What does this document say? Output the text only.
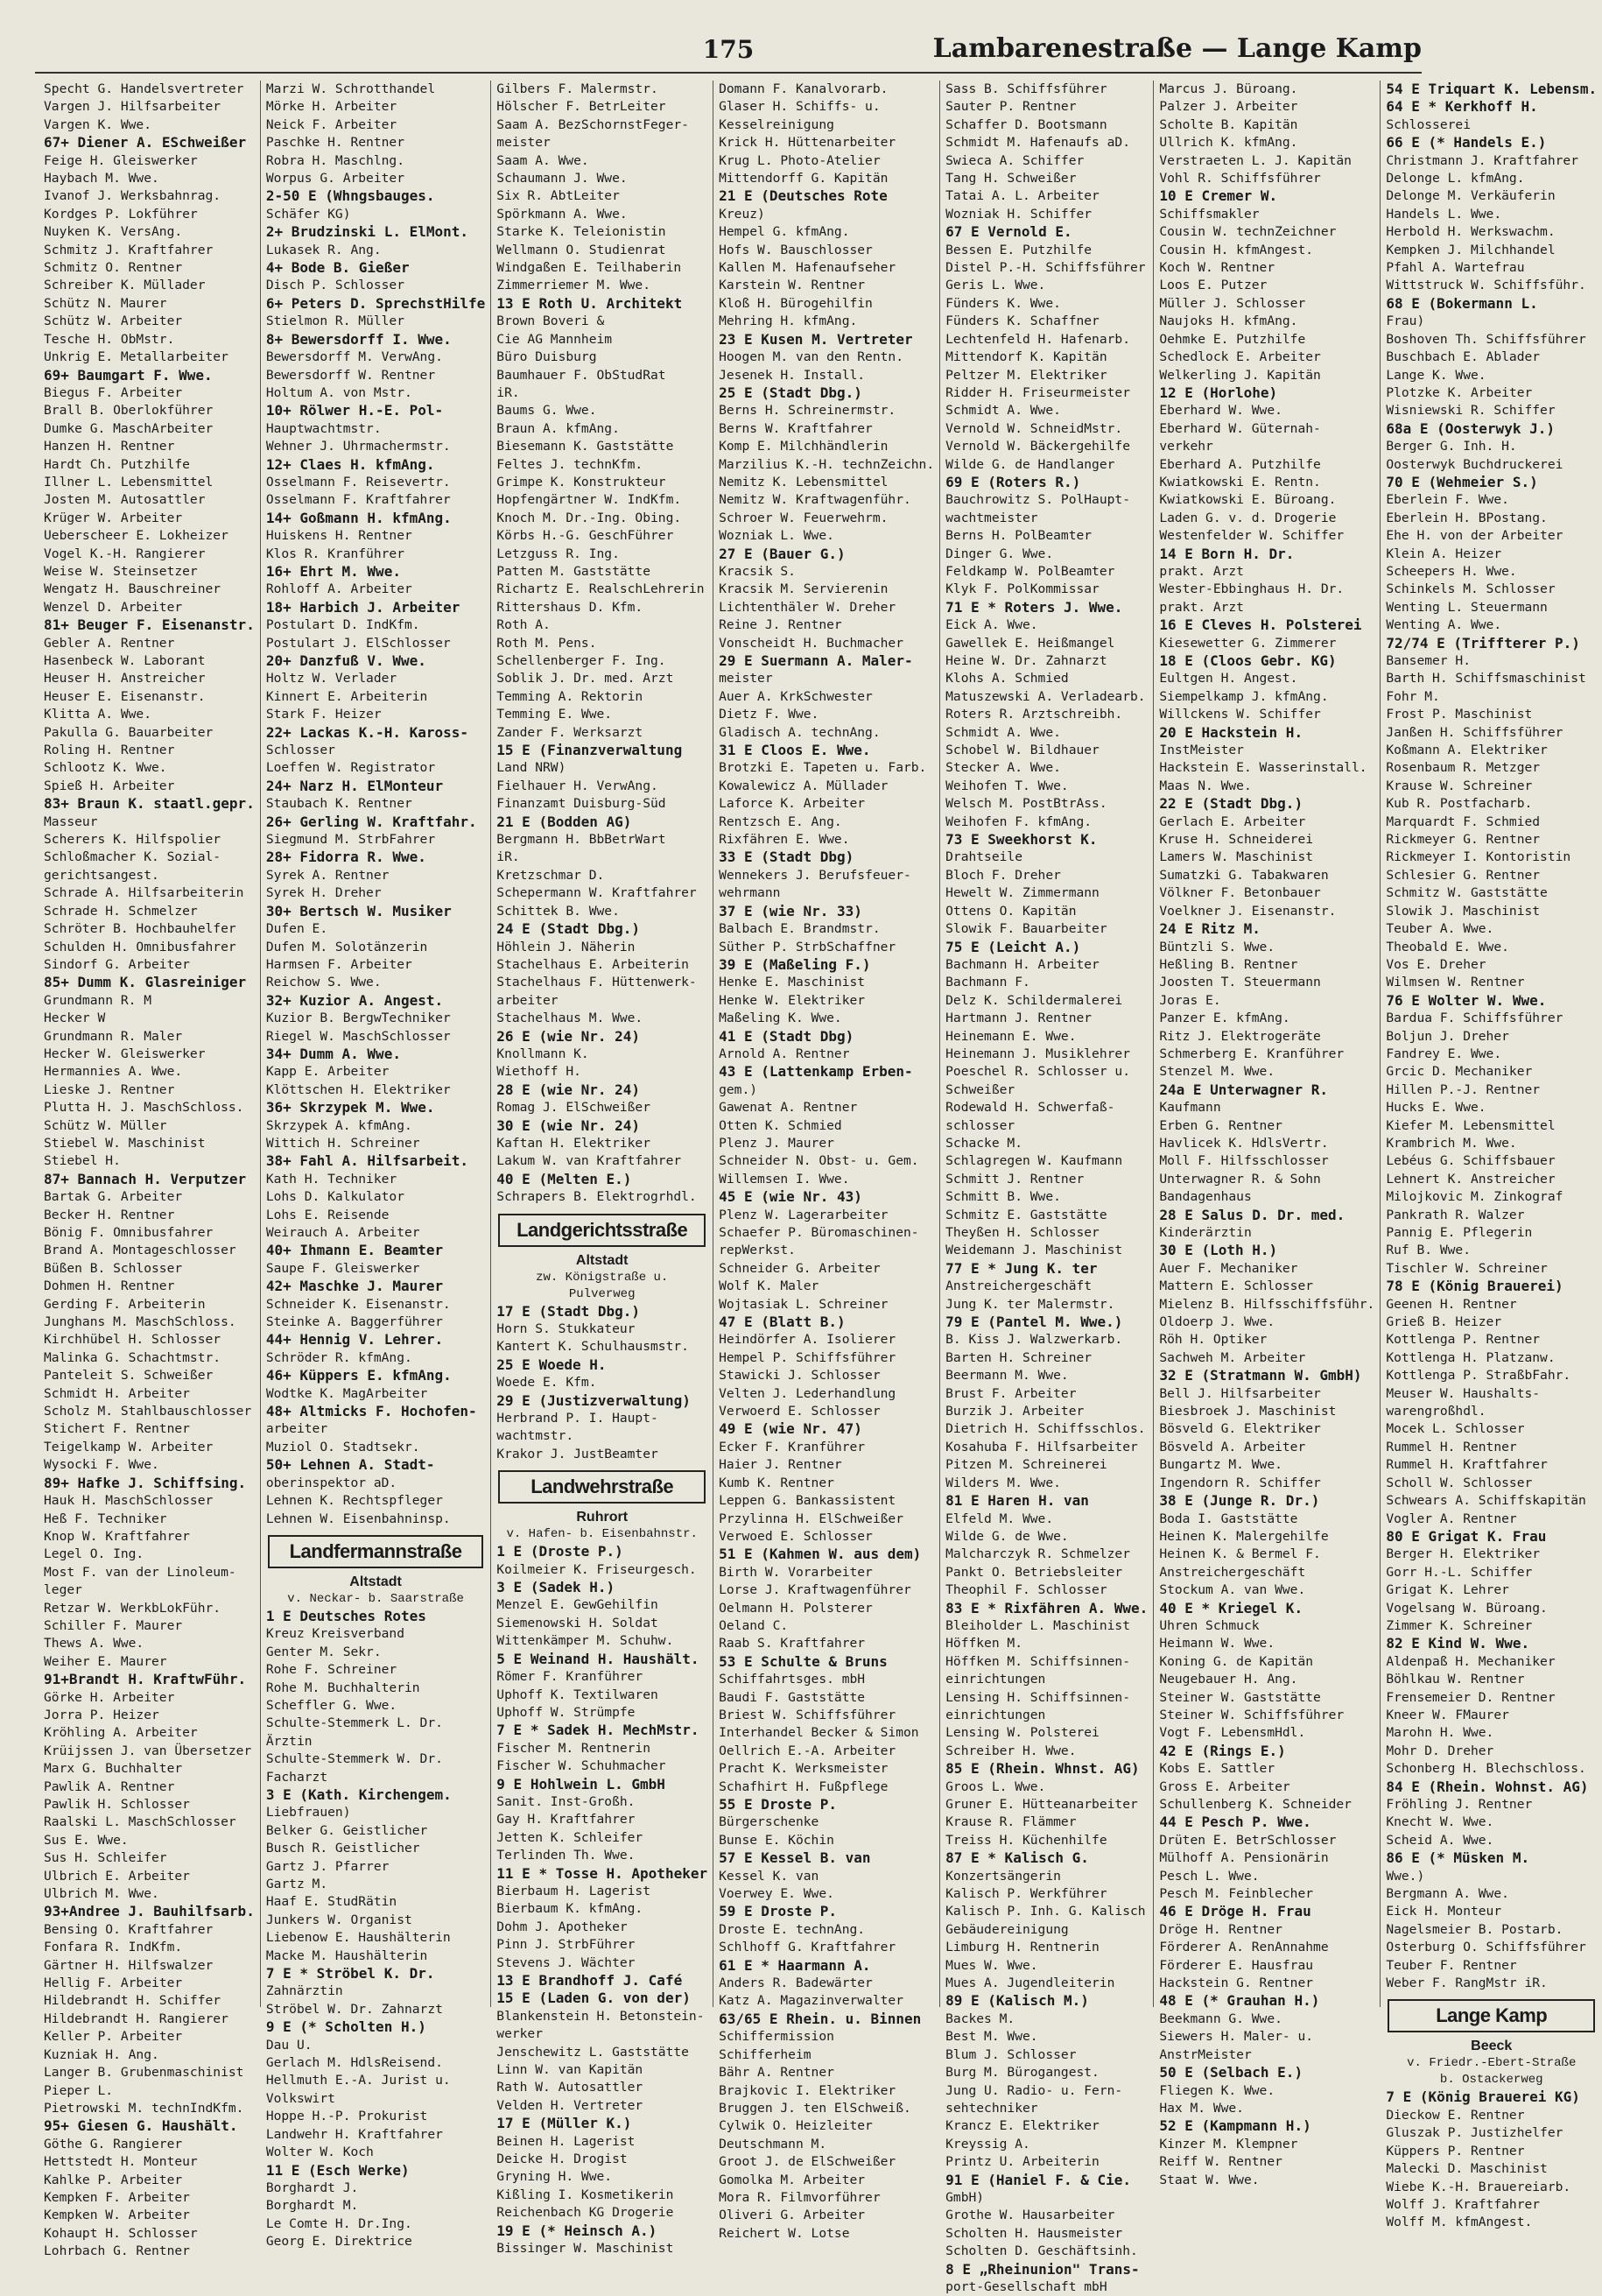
175	Lambarenestraße — Lange Kamp
Specht G. Handelsvertreter
Vargen J. Hilfsarbeiter
Vargen K. Wwe.
67+ Diener A. ESchweißer
Feige H. Gleiswerker
Haybach M. Wwe.
Ivanof J. Werksbahnrag.
Kordges P. Lokführer
Nuyken K. VersAng.
Schmitz J. Kraftfahrer
Schmitz O. Rentner
Schreiber K. Müllader
Schütz N. Maurer
Schütz W. Arbeiter
Tesche H. ObMstr.
Unkrig E. Metallarbeiter
69+ Baumgart F. Wwe.
Biegus F. Arbeiter
Brall B. Oberlokführer
Dumke G. MaschArbeiter
Hanzen H. Rentner
Hardt Ch. Putzhilfe
Illner L. Lebensmittel
Josten M. Autosattler
Krüger W. Arbeiter
Ueberscheer E. Lokheizer
Vogel K.-H. Rangierer
Weise W. Steinsetzer
Wengatz H. Bauschreiner
Wenzel D. Arbeiter
81+ Beuger F. Eisenanstr.
Gebler A. Rentner
Hasenbeck W. Laborant
Heuser H. Anstreicher
Heuser E. Eisenanstr.
Klitta A. Wwe.
Pakulla G. Bauarbeiter
Roling H. Rentner
Schlootz K. Wwe.
Spieß H. Arbeiter
83+ Braun K. staatl.gepr.
Masseur
Scherers K. Hilfspolier
Schloßmacher K. Sozial-
gerichtsangest.
Schrade A. Hilfsarbeiterin
Schrade H. Schmelzer
Schröter B. Hochbauhelfer
Schulden H. Omnibusfahrer
Sindorf G. Arbeiter
85+ Dumm K. Glasreiniger
Grundmann R. M
Hecker W
Grundmann R. Maler
Hecker W. Gleiswerker
Hermannies A. Wwe.
Lieske J. Rentner
Plutta H. J. MaschSchloss.
Schütz W. Müller
Stiebel W. Maschinist
Stiebel H.
87+ Bannach H. Verputzer
Bartak G. Arbeiter
Becker H. Rentner
Bönig F. Omnibusfahrer
Brand A. Montageschlosser
Büßen B. Schlosser
Dohmen H. Rentner
Gerding F. Arbeiterin
Junghans M. MaschSchloss.
Kirchhübel H. Schlosser
Malinka G. Schachtmstr.
Panteleit S. Schweißer
Schmidt H. Arbeiter
Scholz M. Stahlbauschlosser
Stichert F. Rentner
Teigelkamp W. Arbeiter
Wysocki F. Wwe.
89+ Hafke J. Schiffsing.
Hauk H. MaschSchlosser
Heß F. Techniker
Knop W. Kraftfahrer
Legel O. Ing.
Most F. van der Linoleum-
leger
Retzar W. WerkbLokFühr.
Schiller F. Maurer
Thews A. Wwe.
Weiher E. Maurer
91+Brandt H. KraftwFühr.
Görke H. Arbeiter
Jorra P. Heizer
Kröhling A. Arbeiter
Krüijssen J. van Übersetzer
Marx G. Buchhalter
Pawlik A. Rentner
Pawlik H. Schlosser
Raalski L. MaschSchlosser
Sus E. Wwe.
Sus H. Schleifer
Ulbrich E. Arbeiter
Ulbrich M. Wwe.
93+Andree J. Bauhilfsarb.
Bensing O. Kraftfahrer
Fonfara R. IndKfm.
Gärtner H. Hilfswalzer
Hellig F. Arbeiter
Hildebrandt H. Schiffer
Hildebrandt H. Rangierer
Keller P. Arbeiter
Kuzniak H. Ang.
Langer B. Grubenmaschinist
Pieper L.
Pietrowski M. technIndKfm.
95+ Giesen G. Haushält.
Göthe G. Rangierer
Hettstedt H. Monteur
Kahlke P. Arbeiter
Kempken F. Arbeiter
Kempken W. Arbeiter
Kohaupt H. Schlosser
Lohrbach G. Rentner
Marzi W. Schrotthandel
Mörke H. Arbeiter
Neick F. Arbeiter
Paschke H. Rentner
Robra H. Maschlng.
Worpus G. Arbeiter
2-50 E (Whngsbauges.
Schäfer KG)
2+ Brudzinski L. ElMont.
Lukasek R. Ang.
4+ Bode B. Gießer
Disch P. Schlosser
6+ Peters D. SprechstHilfe
Stielmon R. Müller
8+ Bewersdorff I. Wwe.
Bewersdorff M. VerwAng.
Bewersdorff W. Rentner
Holtum A. von Mstr.
10+ Rölwer H.-E. Pol-
Hauptwachtmstr.
Wehner J. Uhrmachermstr.
12+ Claes H. kfmAng.
Osselmann F. Reisevertr.
Osselmann F. Kraftfahrer
14+ Goßmann H. kfmAng.
Huiskens H. Rentner
Klos R. Kranführer
16+ Ehrt M. Wwe.
Rohloff A. Arbeiter
18+ Harbich J. Arbeiter
Postulart D. IndKfm.
Postulart J. ElSchlosser
20+ Danzfuß V. Wwe.
Holtz W. Verlader
Kinnert E. Arbeiterin
Stark F. Heizer
22+ Lackas K.-H. Kaross-
Schlosser
Loeffen W. Registrator
24+ Narz H. ElMonteur
Staubach K. Rentner
26+ Gerling W. Kraftfahr.
Siegmund M. StrbFahrer
28+ Fidorra R. Wwe.
Syrek A. Rentner
Syrek H. Dreher
30+ Bertsch W. Musiker
Dufen E.
Dufen M. Solotänzerin
Harmsen F. Arbeiter
Reichow S. Wwe.
32+ Kuzior A. Angest.
Kuzior B. BergwTechniker
Riegel W. MaschSchlosser
34+ Dumm A. Wwe.
Kapp E. Arbeiter
Klöttschen H. Elektriker
36+ Skrzypek M. Wwe.
Skrzypek A. kfmAng.
Wittich H. Schreiner
38+ Fahl A. Hilfsarbeit.
Kath H. Techniker
Lohs D. Kalkulator
Lohs E. Reisende
Weirauch A. Arbeiter
40+ Ihmann E. Beamter
Saupe F. Gleiswerker
42+ Maschke J. Maurer
Schneider K. Eisenanstr.
Steinke A. Baggerführer
44+ Hennig V. Lehrer.
Schröder R. kfmAng.
46+ Küppers E. kfmAng.
Wodtke K. MagArbeiter
48+ Altmicks F. Hochofen-
arbeiter
Muziol O. Stadtsekr.
50+ Lehnen A. Stadt-
oberinspektor aD.
Lehnen K. Rechtspfleger
Lehnen W. Eisenbahninsp.
Landfermannstraße
Altstadt
v. Neckar- b. Saarstraße
1 E Deutsches Rotes
Kreuz Kreisverband
Genter M. Sekr.
Rohe F. Schreiner
Rohe M. Buchhalterin
Scheffler G. Wwe.
Schulte-Stemmerk L. Dr.
Ärztin
Schulte-Stemmerk W. Dr.
Facharzt
3 E (Kath. Kirchengem.
Liebfrauen)
Belker G. Geistlicher
Busch R. Geistlicher
Gartz J. Pfarrer
Gartz M.
Haaf E. StudRätin
Junkers W. Organist
Liebenow E. Haushälterin
Macke M. Haushälterin
7 E * Ströbel K. Dr.
Zahnärztin
Ströbel W. Dr. Zahnarzt
9 E (* Scholten H.)
Dau U.
Gerlach M. HdlsReisend.
Hellmuth E.-A. Jurist u.
Volkswirt
Hoppe H.-P. Prokurist
Landwehr H. Kraftfahrer
Wolter W. Koch
11 E (Esch Werke)
Borghardt J.
Borghardt M.
Le Comte H. Dr.Ing.
Georg E. Direktrice
Gilbers F. Malermstr.
Hölscher F. BetrLeiter
Saam A. BezSchornstFeger-
meister
Saam A. Wwe.
Schaumann J. Wwe.
Six R. AbtLeiter
Spörkmann A. Wwe.
Starke K. Teleionistin
Wellmann O. Studienrat
Windgaßen E. Teilhaberin
Zimmerriemer M. Wwe.
13 E Roth U. Architekt
Brown Boveri &
Cie AG Mannheim
Büro Duisburg
Baumhauer F. ObStudRat
iR.
Baums G. Wwe.
Braun A. kfmAng.
Biesemann K. Gaststätte
Feltes J. technKfm.
Grimpe K. Konstrukteur
Hopfengärtner W. IndKfm.
Knoch M. Dr.-Ing. Obing.
Körbs H.-G. GeschFührer
Letzguss R. Ing.
Patten M. Gaststätte
Richartz E. RealschLehrerin
Rittershaus D. Kfm.
Roth A.
Roth M. Pens.
Schellenberger F. Ing.
Soblik J. Dr. med. Arzt
Temming A. Rektorin
Temming E. Wwe.
Zander F. Werksarzt
15 E (Finanzverwaltung
Land NRW)
Fielhauer H. VerwAng.
Finanzamt Duisburg-Süd
21 E (Bodden AG)
Bergmann H. BbBetrWart
iR.
Kretzschmar D.
Schepermann W. Kraftfahrer
Schittek B. Wwe.
24 E (Stadt Dbg.)
Höhlein J. Näherin
Stachelhaus E. Arbeiterin
Stachelhaus F. Hüttenwerk-
arbeiter
Stachelhaus M. Wwe.
26 E (wie Nr. 24)
Knollmann K.
Wiethoff H.
28 E (wie Nr. 24)
Romag J. ElSchweißer
30 E (wie Nr. 24)
Kaftan H. Elektriker
Lakum W. van Kraftfahrer
40 E (Melten E.)
Schrapers B. Elektrogrhdl.
Landgerichtsstraße
Altstadt
zw. Königstraße u.
Pulverweg
17 E (Stadt Dbg.)
Horn S. Stukkateur
Kantert K. Schulhausmstr.
25 E Woede H.
Woede E. Kfm.
29 E (Justizverwaltung)
Herbrand P. I. Haupt-
wachtmstr.
Krakor J. JustBeamter
Landwehrstraße
Ruhrort
v. Hafen- b. Eisenbahnstr.
1 E (Droste P.)
Koilmeier K. Friseurgesch.
3 E (Sadek H.)
Menzel E. GewGehilfin
Siemenowski H. Soldat
Wittenkämper M. Schuhw.
5 E Weinand H. Haushält.
Römer F. Kranführer
Uphoff K. Textilwaren
Uphoff W. Strümpfe
7 E * Sadek H. MechMstr.
Fischer M. Rentnerin
Fischer W. Schuhmacher
9 E Hohlwein L. GmbH
Sanit. Inst-Großh.
Gay H. Kraftfahrer
Jetten K. Schleifer
Terlinden Th. Wwe.
11 E * Tosse H. Apotheker
Bierbaum H. Lagerist
Bierbaum K. kfmAng.
Dohm J. Apotheker
Pinn J. StrbFührer
Stevens J. Wächter
13 E Brandhoff J. Café
15 E (Laden G. von der)
Blankenstein H. Betonstein-
werker
Jenschewitz L. Gaststätte
Linn W. van Kapitän
Rath W. Autosattler
Velden H. Vertreter
17 E (Müller K.)
Beinen H. Lagerist
Deicke H. Drogist
Gryning H. Wwe.
Kißling I. Kosmetikerin
Reichenbach KG Drogerie
19 E (* Heinsch A.)
Bissinger W. Maschinist
Domann F. Kanalvorarb.
Glaser H. Schiffs- u.
Kesselreinigung
Krick H. Hüttenarbeiter
Krug L. Photo-Atelier
Mittendorff G. Kapitän
21 E (Deutsches Rote
Kreuz)
Hempel G. kfmAng.
Hofs W. Bauschlosser
Kallen M. Hafenaufseher
Karstein W. Rentner
Kloß H. Bürogehilfin
Mehring H. kfmAng.
23 E Kusen M. Vertreter
Hoogen M. van den Rentn.
Jesenek H. Install.
25 E (Stadt Dbg.)
Berns H. Schreinermstr.
Berns W. Kraftfahrer
Komp E. Milchhändlerin
Marzilius K.-H. technZeichn.
Nemitz K. Lebensmittel
Nemitz W. Kraftwagenführ.
Schroer W. Feuerwehrm.
Wozniak L. Wwe.
27 E (Bauer G.)
Kracsik S.
Kracsik M. Servierenin
Lichtenthäler W. Dreher
Reine J. Rentner
Vonscheidt H. Buchmacher
29 E Suermann A. Maler-
meister
Auer A. KrkSchwester
Dietz F. Wwe.
Gladisch A. technAng.
31 E Cloos E. Wwe.
Brotzki E. Tapeten u. Farb.
Kowalewicz A. Müllader
Laforce K. Arbeiter
Rentzsch E. Ang.
Rixfähren E. Wwe.
33 E (Stadt Dbg)
Wennekers J. Berufsfeuer-
wehrmann
37 E (wie Nr. 33)
Balbach E. Brandmstr.
Süther P. StrbSchaffner
39 E (Maßeling F.)
Henke E. Maschinist
Henke W. Elektriker
Maßeling K. Wwe.
41 E (Stadt Dbg)
Arnold A. Rentner
43 E (Lattenkamp Erben-
gem.)
Gawenat A. Rentner
Otten K. Schmied
Plenz J. Maurer
Schneider N. Obst- u. Gem.
Willemsen I. Wwe.
45 E (wie Nr. 43)
Plenz W. Lagerarbeiter
Schaefer P. Büromaschinen-
repWerkst.
Schneider G. Arbeiter
Wolf K. Maler
Wojtasiak L. Schreiner
47 E (Blatt B.)
Heindörfer A. Isolierer
Hempel P. Schiffsführer
Stawicki J. Schlosser
Velten J. Lederhandlung
Verwoerd E. Schlosser
49 E (wie Nr. 47)
Ecker F. Kranführer
Haier J. Rentner
Kumb K. Rentner
Leppen G. Bankassistent
Przylinna H. ElSchweißer
Verwoed E. Schlosser
51 E (Kahmen W. aus dem)
Birth W. Vorarbeiter
Lorse J. Kraftwagenführer
Oelmann H. Polsterer
Oeland C.
Raab S. Kraftfahrer
53 E Schulte & Bruns
Schiffahrtsges. mbH
Baudi F. Gaststätte
Briest W. Schiffsführer
Interhandel Becker & Simon
Oellrich E.-A. Arbeiter
Pracht K. Werksmeister
Schafhirt H. Fußpflege
55 E Droste P.
Bürgerschenke
Bunse E. Köchin
57 E Kessel B. van
Kessel K. van
Voerwey E. Wwe.
59 E Droste P.
Droste E. technAng.
Schlhoff G. Kraftfahrer
61 E * Haarmann A.
Anders R. Badewärter
Katz A. Magazinverwalter
63/65 E Rhein. u. Binnen
Schiffermission
Schifferheim
Bähr A. Rentner
Brajkovic I. Elektriker
Bruggen J. ten ElSchweiß.
Cylwik O. Heizleiter
Deutschmann M.
Groot J. de ElSchweißer
Gomolka M. Arbeiter
Mora R. Filmvorführer
Oliveri G. Arbeiter
Reichert W. Lotse
Sass B. Schiffsführer
Sauter P. Rentner
Schaffer D. Bootsmann
Schmidt M. Hafenaufs aD.
Swieca A. Schiffer
Tang H. Schweißer
Tatai A. L. Arbeiter
Wozniak H. Schiffer
67 E Vernold E.
Bessen E. Putzhilfe
Distel P.-H. Schiffsführer
Geris L. Wwe.
Fünders K. Wwe.
Fünders K. Schaffner
Lechtenfeld H. Hafenarb.
Mittendorf K. Kapitän
Peltzer M. Elektriker
Ridder H. Friseurmeister
Schmidt A. Wwe.
Vernold W. SchneidMstr.
Vernold W. Bäckergehilfe
Wilde G. de Handlanger
69 E (Roters R.)
Bauchrowitz S. PolHaupt-
wachtmeister
Berns H. PolBeamter
Dinger G. Wwe.
Feldkamp W. PolBeamter
Klyk F. PolKommissar
71 E * Roters J. Wwe.
Eick A. Wwe.
Gawellek E. Heißmangel
Heine W. Dr. Zahnarzt
Klohs A. Schmied
Matuszewski A. Verladearb.
Roters R. Arztschreibh.
Schmidt A. Wwe.
Schobel W. Bildhauer
Stecker A. Wwe.
Weihofen T. Wwe.
Welsch M. PostBtrAss.
Weihofen F. kfmAng.
73 E Sweekhorst K.
Drahtseile
Bloch F. Dreher
Hewelt W. Zimmermann
Ottens O. Kapitän
Slowik F. Bauarbeiter
75 E (Leicht A.)
Bachmann H. Arbeiter
Bachmann F.
Delz K. Schildermalerei
Hartmann J. Rentner
Heinemann E. Wwe.
Heinemann J. Musiklehrer
Poeschel R. Schlosser u.
Schweißer
Rodewald H. Schwerfaß-
schlosser
Schacke M.
Schlagregen W. Kaufmann
Schmitt J. Rentner
Schmitt B. Wwe.
Schmitz E. Gaststätte
Theyßen H. Schlosser
Weidemann J. Maschinist
77 E * Jung K. ter
Anstreichergeschäft
Jung K. ter Malermstr.
79 E (Pantel M. Wwe.)
B. Kiss J. Walzwerkarb.
Barten H. Schreiner
Beermann M. Wwe.
Brust F. Arbeiter
Burzik J. Arbeiter
Dietrich H. Schiffsschlos.
Kosahuba F. Hilfsarbeiter
Pitzen M. Schreinerei
Wilders M. Wwe.
81 E Haren H. van
Elfeld M. Wwe.
Wilde G. de Wwe.
Malcharczyk R. Schmelzer
Pankt O. Betriebsleiter
Theophil F. Schlosser
83 E * Rixfähren A. Wwe.
Bleiholder L. Maschinist
Höffken M.
Höffken M. Schiffsinnen-
einrichtungen
Lensing H. Schiffsinnen-
einrichtungen
Lensing W. Polsterei
Schreiber H. Wwe.
85 E (Rhein. Whnst. AG)
Groos L. Wwe.
Gruner E. Hütteanarbeiter
Krause R. Flämmer
Treiss H. Küchenhilfe
87 E * Kalisch G.
Konzertsängerin
Kalisch P. Werkführer
Kalisch P. Inh. G. Kalisch
Gebäudereinigung
Limburg H. Rentnerin
Mues W. Wwe.
Mues A. Jugendleiterin
89 E (Kalisch M.)
Backes M.
Best M. Wwe.
Blum J. Schlosser
Burg M. Bürogangest.
Jung U. Radio- u. Fern-
sehtechniker
Krancz E. Elektriker
Kreyssig A.
Printz U. Arbeiterin
91 E (Haniel F. & Cie.
GmbH)
Grothe W. Hausarbeiter
Scholten H. Hausmeister
Scholten D. Geschäftsinh.
8 E „Rheinunion" Trans-
port-Gesellschaft mbH
Marcus J. Büroang.
Palzer J. Arbeiter
Scholte B. Kapitän
Ullrich K. kfmAng.
Verstraeten L. J. Kapitän
Vohl R. Schiffsführer
10 E Cremer W.
Schiffsmakler
Cousin W. technZeichner
Cousin H. kfmAngest.
Koch W. Rentner
Loos E. Putzer
Müller J. Schlosser
Naujoks H. kfmAng.
Oehmke E. Putzhilfe
Schedlock E. Arbeiter
Welkerling J. Kapitän
12 E (Horlohe)
Eberhard W. Wwe.
Eberhard W. Güternah-
verkehr
Eberhard A. Putzhilfe
Kwiatkowski E. Rentn.
Kwiatkowski E. Büroang.
Laden G. v. d. Drogerie
Westenfelder W. Schiffer
14 E Born H. Dr.
prakt. Arzt
Wester-Ebbinghaus H. Dr.
prakt. Arzt
16 E Cleves H. Polsterei
Kiesewetter G. Zimmerer
18 E (Cloos Gebr. KG)
Eultgen H. Angest.
Siempelkamp J. kfmAng.
Willckens W. Schiffer
20 E Hackstein H.
InstMeister
Hackstein E. Wasserinstall.
Maas N. Wwe.
22 E (Stadt Dbg.)
Gerlach E. Arbeiter
Kruse H. Schneiderei
Lamers W. Maschinist
Sumatzki G. Tabakwaren
Völkner F. Betonbauer
Voelkner J. Eisenanstr.
24 E Ritz M.
Büntzli S. Wwe.
Heßling B. Rentner
Joosten T. Steuermann
Joras E.
Panzer E. kfmAng.
Ritz J. Elektrogeräte
Schmerberg E. Kranführer
Stenzel M. Wwe.
24a E Unterwagner R.
Kaufmann
Erben G. Rentner
Havlicek K. HdlsVertr.
Moll F. Hilfsschlosser
Unterwagner R. & Sohn
Bandagenhaus
28 E Salus D. Dr. med.
Kinderärztin
30 E (Loth H.)
Auer F. Mechaniker
Mattern E. Schlosser
Mielenz B. Hilfsschiffsführ.
Oldoerp J. Wwe.
Röh H. Optiker
Sachweh M. Arbeiter
32 E (Stratmann W. GmbH)
Bell J. Hilfsarbeiter
Biesbroek J. Maschinist
Bösveld G. Elektriker
Bösveld A. Arbeiter
Bungartz M. Wwe.
Ingendorn R. Schiffer
38 E (Junge R. Dr.)
Boda I. Gaststätte
Heinen K. Malergehilfe
Heinen K. & Bermel F.
Anstreichergeschäft
Stockum A. van Wwe.
40 E * Kriegel K.
Uhren Schmuck
Heimann W. Wwe.
Koning G. de Kapitän
Neugebauer H. Ang.
Steiner W. Gaststätte
Steiner W. Schiffsführer
Vogt F. LebensmHdl.
42 E (Rings E.)
Kobs E. Sattler
Gross E. Arbeiter
Schullenberg K. Schneider
44 E Pesch P. Wwe.
Drüten E. BetrSchlosser
Mülhoff A. Pensionärin
Pesch L. Wwe.
Pesch M. Feinblecher
46 E Dröge H. Frau
Dröge H. Rentner
Förderer A. RenAnnahme
Förderer E. Hausfrau
Hackstein G. Rentner
48 E (* Grauhan H.)
Beekmann G. Wwe.
Siewers H. Maler- u.
AnstrMeister
50 E (Selbach E.)
Fliegen K. Wwe.
Hax M. Wwe.
52 E (Kampmann H.)
Kinzer M. Klempner
Reiff W. Rentner
Staat W. Wwe.
54 E Triquart K. Lebensm.
64 E * Kerkhoff H.
Schlosserei
66 E (* Handels E.)
Christmann J. Kraftfahrer
Delonge L. kfmAng.
Delonge M. Verkäuferin
Handels L. Wwe.
Herbold H. Werkswachm.
Kempken J. Milchhandel
Pfahl A. Wartefrau
Wittstruck W. Schiffsführ.
68 E (Bokermann L.
Frau)
Boshoven Th. Schiffsführer
Buschbach E. Ablader
Lange K. Wwe.
Plotzke K. Arbeiter
Wisniewski R. Schiffer
68a E (Oosterwyk J.)
Berger G. Inh. H.
Oosterwyk Buchdruckerei
70 E (Wehmeier S.)
Eberlein F. Wwe.
Eberlein H. BPostang.
Ehe H. von der Arbeiter
Klein A. Heizer
Scheepers H. Wwe.
Schinkels M. Schlosser
Wenting L. Steuermann
Wenting A. Wwe.
72/74 E (Triffterer P.)
Bansemer H.
Barth H. Schiffsmaschinist
Fohr M.
Frost P. Maschinist
Janßen H. Schiffsführer
Koßmann A. Elektriker
Rosenbaum R. Metzger
Krause W. Schreiner
Kub R. Postfacharb.
Marquardt F. Schmied
Rickmeyer G. Rentner
Rickmeyer I. Kontoristin
Schlesier G. Rentner
Schmitz W. Gaststätte
Slowik J. Maschinist
Teuber A. Wwe.
Theobald E. Wwe.
Vos E. Dreher
Wilmsen W. Rentner
76 E Wolter W. Wwe.
Bardua F. Schiffsführer
Boljun J. Dreher
Fandrey E. Wwe.
Grcic D. Mechaniker
Hillen P.-J. Rentner
Hucks E. Wwe.
Kiefer M. Lebensmittel
Krambrich M. Wwe.
Lebéus G. Schiffsbauer
Lehnert K. Anstreicher
Milojkovic M. Zinkograf
Pankrath R. Walzer
Pannig E. Pflegerin
Ruf B. Wwe.
Tischler W. Schreiner
78 E (König Brauerei)
Geenen H. Rentner
Grieß B. Heizer
Kottlenga P. Rentner
Kottlenga H. Platzanw.
Kottlenga P. StraßbFahr.
Meuser W. Haushalts-
warengroßhdl.
Mocek L. Schlosser
Rummel H. Rentner
Rummel H. Kraftfahrer
Scholl W. Schlosser
Schwears A. Schiffskapitän
Vogler A. Rentner
80 E Grigat K. Frau
Berger H. Elektriker
Gorr H.-L. Schiffer
Grigat K. Lehrer
Vogelsang W. Büroang.
Zimmer K. Schreiner
82 E Kind W. Wwe.
Aldenpaß H. Mechaniker
Böhlkau W. Rentner
Frensemeier D. Rentner
Kneer W. FMaurer
Marohn H. Wwe.
Mohr D. Dreher
Schonberg H. Blechschloss.
84 E (Rhein. Wohnst. AG)
Fröhling J. Rentner
Knecht W. Wwe.
Scheid A. Wwe.
86 E (* Müsken M.
Wwe.)
Bergmann A. Wwe.
Eick H. Monteur
Nagelsmeier B. Postarb.
Osterburg O. Schiffsführer
Teuber F. Rentner
Weber F. RangMstr iR.
Lange Kamp
Beeck
v. Friedr.-Ebert-Straße
b. Ostackerweg
7 E (König Brauerei KG)
Dieckow E. Rentner
Gluszak P. Justizhelfer
Küppers P. Rentner
Malecki D. Maschinist
Wiebe K.-H. Brauereiarb.
Wolff J. Kraftfahrer
Wolff M. kfmAngest.
